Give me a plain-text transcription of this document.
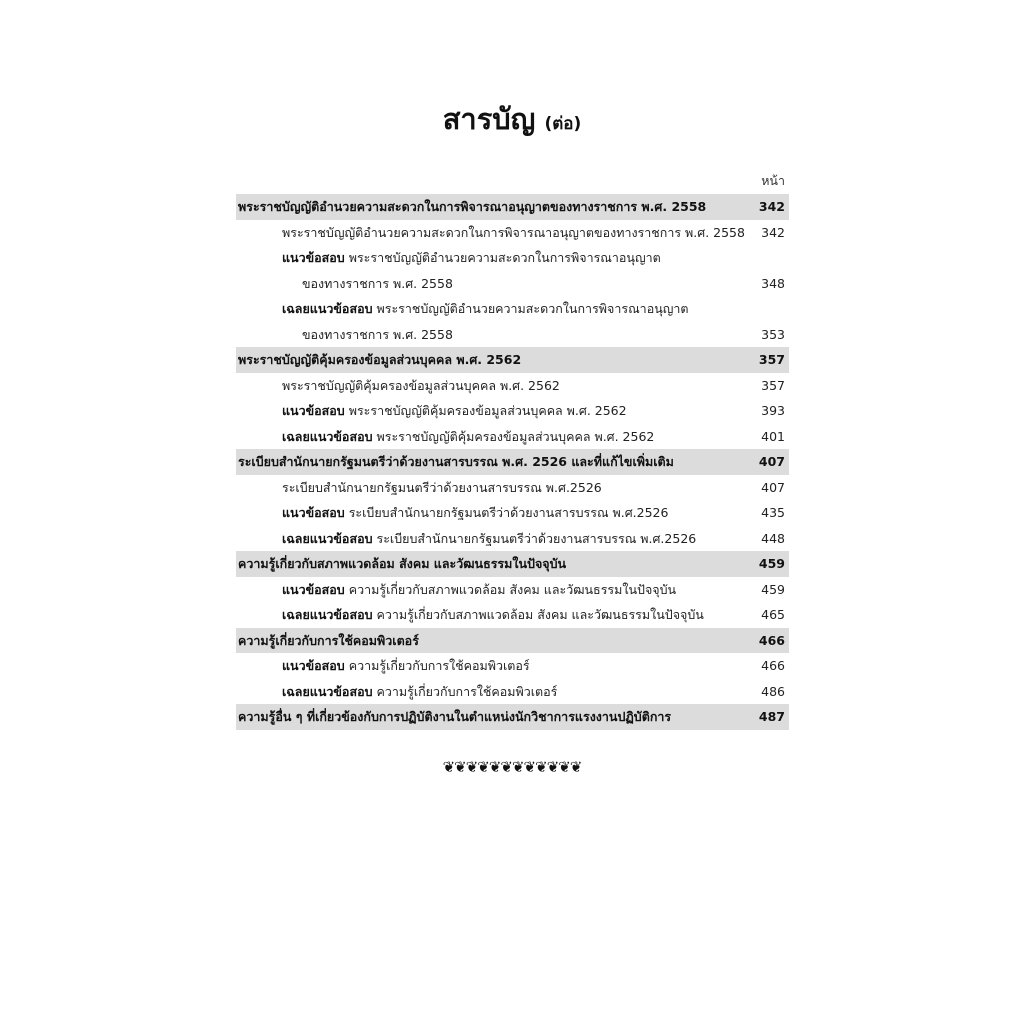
สารบัญ (ต่อ)
หน้า
พระราชบัญญัติอำนวยความสะดวกในการพิจารณาอนุญาตของทางราชการ พ.ศ. 2558	342
พระราชบัญญัติอำนวยความสะดวกในการพิจารณาอนุญาตของทางราชการ พ.ศ. 2558	342
แนวข้อสอบ พระราชบัญญัติอำนวยความสะดวกในการพิจารณาอนุญาต
ของทางราชการ พ.ศ. 2558	348
เฉลยแนวข้อสอบ พระราชบัญญัติอำนวยความสะดวกในการพิจารณาอนุญาต
ของทางราชการ พ.ศ. 2558	353
พระราชบัญญัติคุ้มครองข้อมูลส่วนบุคคล พ.ศ. 2562	357
พระราชบัญญัติคุ้มครองข้อมูลส่วนบุคคล พ.ศ. 2562	357
แนวข้อสอบ พระราชบัญญัติคุ้มครองข้อมูลส่วนบุคคล พ.ศ. 2562	393
เฉลยแนวข้อสอบ พระราชบัญญัติคุ้มครองข้อมูลส่วนบุคคล พ.ศ. 2562	401
ระเบียบสำนักนายกรัฐมนตรีว่าด้วยงานสารบรรณ พ.ศ. 2526 และที่แก้ไขเพิ่มเติม	407
ระเบียบสำนักนายกรัฐมนตรีว่าด้วยงานสารบรรณ พ.ศ.2526	407
แนวข้อสอบ ระเบียบสำนักนายกรัฐมนตรีว่าด้วยงานสารบรรณ พ.ศ.2526	435
เฉลยแนวข้อสอบ ระเบียบสำนักนายกรัฐมนตรีว่าด้วยงานสารบรรณ พ.ศ.2526	448
ความรู้เกี่ยวกับสภาพแวดล้อม สังคม และวัฒนธรรมในปัจจุบัน	459
แนวข้อสอบ ความรู้เกี่ยวกับสภาพแวดล้อม สังคม และวัฒนธรรมในปัจจุบัน	459
เฉลยแนวข้อสอบ ความรู้เกี่ยวกับสภาพแวดล้อม สังคม และวัฒนธรรมในปัจจุบัน	465
ความรู้เกี่ยวกับการใช้คอมพิวเตอร์	466
แนวข้อสอบ ความรู้เกี่ยวกับการใช้คอมพิวเตอร์	466
เฉลยแนวข้อสอบ ความรู้เกี่ยวกับการใช้คอมพิวเตอร์	486
ความรู้อื่น ๆ ที่เกี่ยวข้องกับการปฏิบัติงานในตำแหน่งนักวิชาการแรงงานปฏิบัติการ	487
❦❦❦❦❦❦❦❦❦❦❦❦
